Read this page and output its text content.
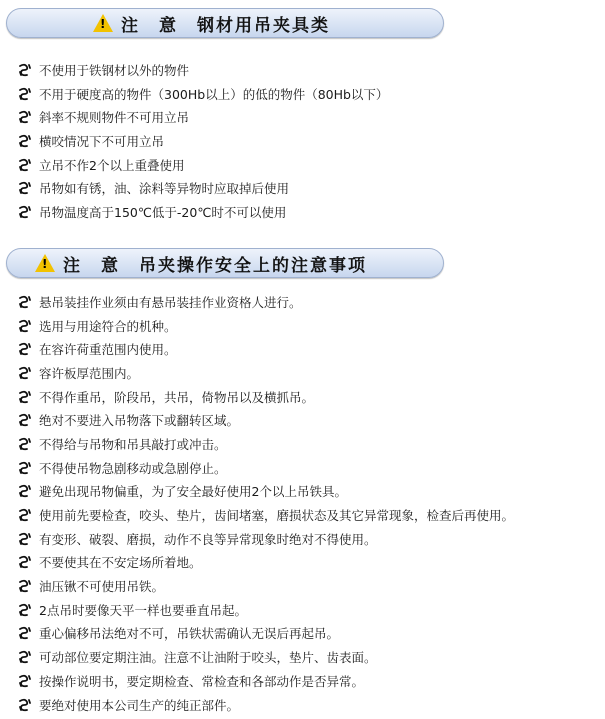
!
注　意　钢材用吊夹具类
不使用于铁钢材以外的物件
不用于硬度高的物件（300Hb以上）的低的物件（80Hb以下）
斜率不规则物件不可用立吊
横咬情况下不可用立吊
立吊不作2个以上重叠使用
吊物如有锈，油、涂料等异物时应取掉后使用
吊物温度高于150℃低于-20℃时不可以使用
!
注　意　吊夹操作安全上的注意事项
悬吊装挂作业须由有悬吊装挂作业资格人进行。
选用与用途符合的机种。
在容许荷重范围内使用。
容许板厚范围内。
不得作重吊，阶段吊，共吊，倚物吊以及横抓吊。
绝对不要进入吊物落下或翻转区域。
不得给与吊物和吊具敲打或冲击。
不得使吊物急剧移动或急剧停止。
避免出现吊物偏重，为了安全最好使用2个以上吊铁具。
使用前先要检查，咬头、垫片，齿间堵塞，磨损状态及其它异常现象，检查后再使用。
有变形、破裂、磨损，动作不良等异常现象时绝对不得使用。
不要使其在不安定场所着地。
油压锹不可使用吊铁。
2点吊时要像天平一样也要垂直吊起。
重心偏移吊法绝对不可，吊铁状需确认无误后再起吊。
可动部位要定期注油。注意不让油附于咬头，垫片、齿表面。
按操作说明书，要定期检查、常检查和各部动作是否异常。
要绝对使用本公司生产的纯正部件。
